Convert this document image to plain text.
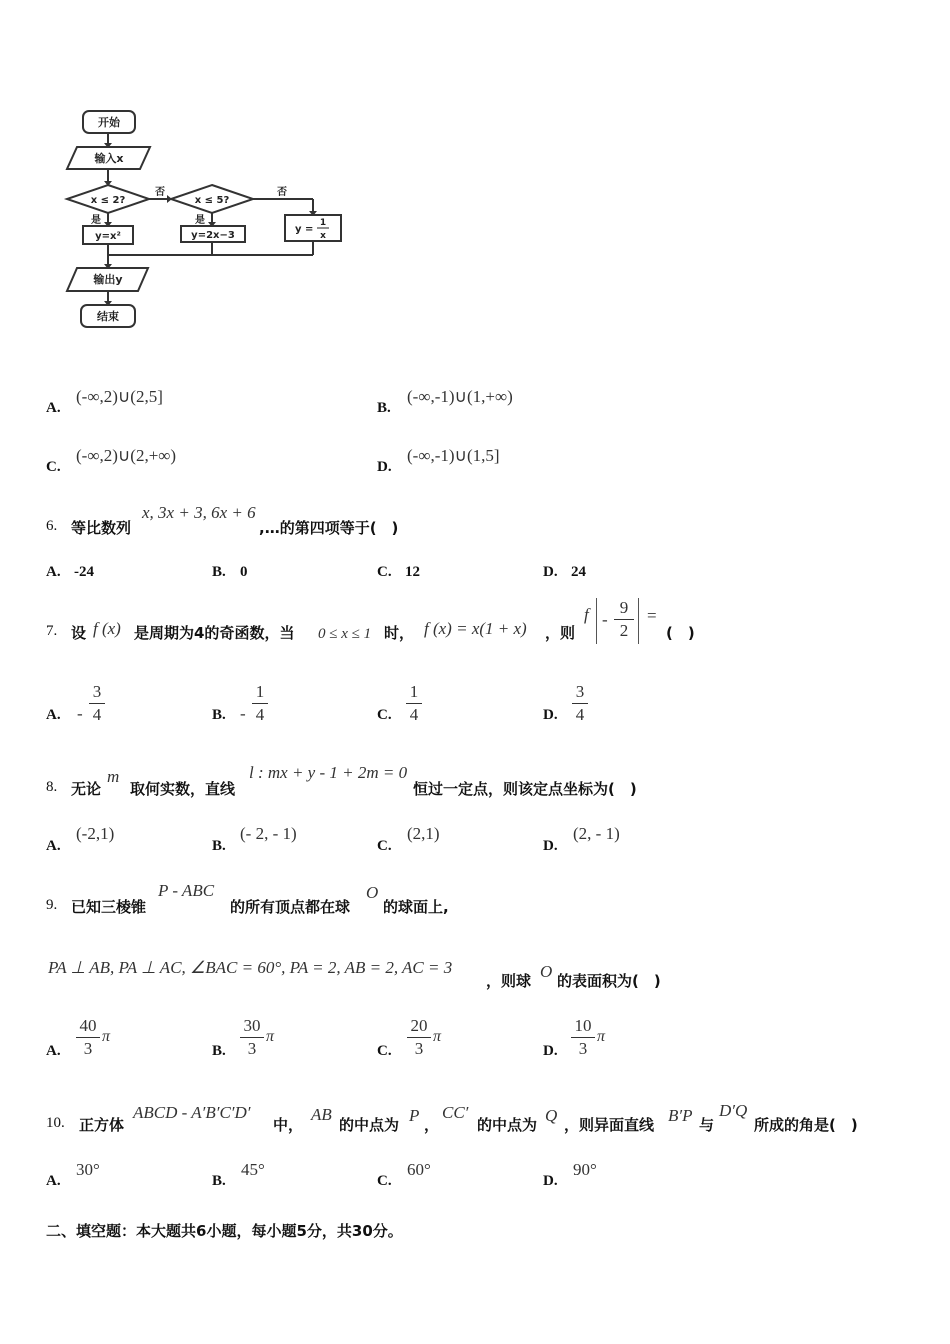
开始
输入x
x ≤ 2?	x ≤ 5?
否	否
是	是
y=x²	y=2x−3
y =
1
x
输出y
结束
A.
(-∞,2)∪(2,5]
B.
(-∞,-1)∪(1,+∞)
C.
(-∞,2)∪(2,+∞)
D.
(-∞,-1)∪(1,5]
6. 等比数列
x, 3x + 3, 6x + 6
,…的第四项等于(　)
A. -24	B. 0	C. 12	D. 24
7. 设 f (x) 是周期为4的奇函数，当 0 ≤ x ≤ 1 时， f (x) = x(1 + x) ，则
f -
9
2
=
(　)
A. -
3
4	B. -
1
4	C.
1
4	D.
3
4
8. 无论
m
取何实数，直线
l : mx + y - 1 + 2m = 0
恒过一定点，则该定点坐标为(　)
A.
(-2,1)
B.
(- 2, - 1)
C.
(2,1)
D.
(2, - 1)
9. 已知三棱锥
P - ABC
的所有顶点都在球
O
的球面上,
PA ⊥ AB, PA ⊥ AC, ∠BAC = 60°, PA = 2, AB = 2, AC = 3
，则球 O 的表面积为(　)
A.
40
3
π
B.
30
3
π
C.
20
3
π
D.
10
3
π
10. 正方体
ABCD - A′B′C′D′
中，
AB
的中点为 P ，
CC′
的中点为 Q ，则异面直线 B′P 与
D′Q
所成的角是(　)
A.
30°
B.
45°
C.
60°
D.
90°
二、填空题：本大题共6小题，每小题5分，共30分。
